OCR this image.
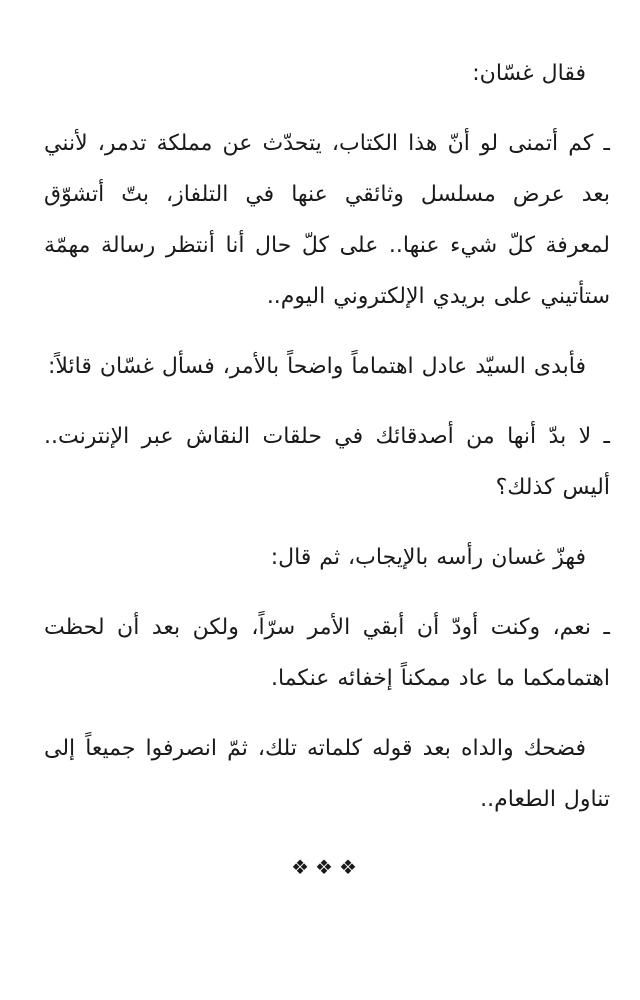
فقال غسّان:

ـ كم أتمنى لو أنّ هذا الكتاب، يتحدّث عن مملكة تدمر، لأنني بعد عرض مسلسل وثائقي عنها في التلفاز، بتّ أتشوّق لمعرفة كلّ شيء عنها.. على كلّ حال أنا أنتظر رسالة مهمّة ستأتيني على بريدي الإلكتروني اليوم..

فأبدى السيّد عادل اهتماماً واضحاً بالأمر، فسأل غسّان قائلاً:

ـ لا بدّ أنها من أصدقائك في حلقات النقاش عبر الإنترنت.. أليس كذلك؟

فهزّ غسان رأسه بالإيجاب، ثم قال:

ـ نعم، وكنت أودّ أن أبقي الأمر سرّاً، ولكن بعد أن لحظت اهتمامكما ما عاد ممكناً إخفائه عنكما.

فضحك والداه بعد قوله كلماته تلك، ثمّ انصرفوا جميعاً إلى تناول الطعام..

❖❖❖
